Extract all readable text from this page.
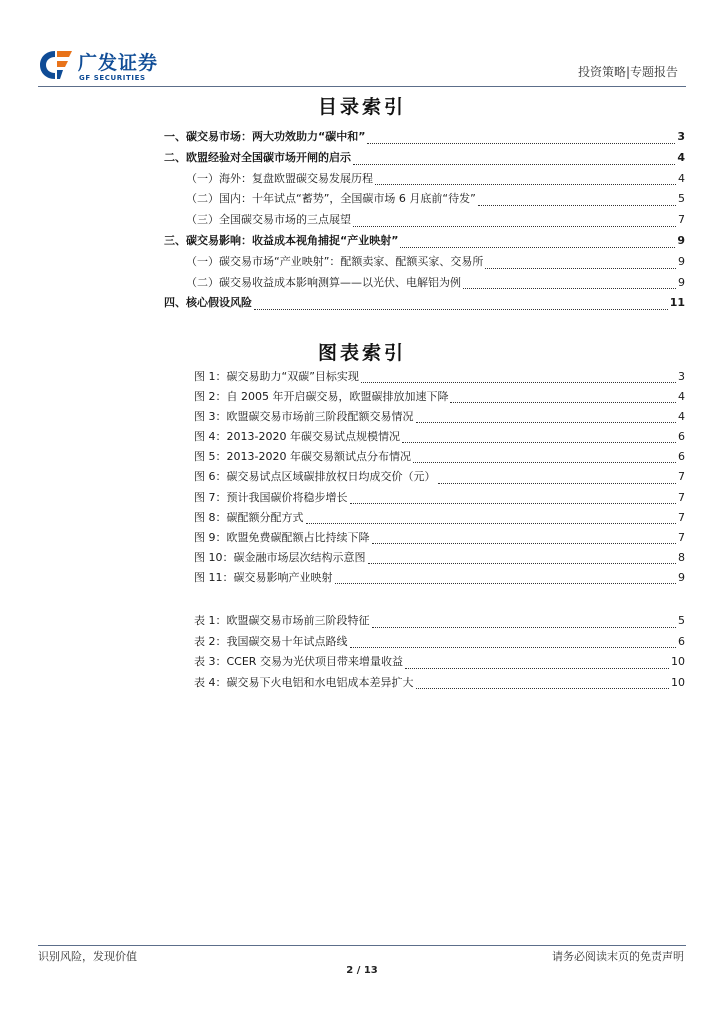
广发证券
GF SECURITIES	投资策略|专题报告
目录索引
一、碳交易市场：两大功效助力“碳中和”	3
二、欧盟经验对全国碳市场开闸的启示	4
（一）海外：复盘欧盟碳交易发展历程	4
（二）国内：十年试点“蓄势”，全国碳市场 6 月底前“待发”	5
（三）全国碳交易市场的三点展望	7
三、碳交易影响：收益成本视角捕捉“产业映射”	9
（一）碳交易市场“产业映射”：配额卖家、配额买家、交易所	9
（二）碳交易收益成本影响测算——以光伏、电解铝为例	9
四、核心假设风险	11
图表索引
图 1：碳交易助力“双碳”目标实现	3
图 2：自 2005 年开启碳交易，欧盟碳排放加速下降	4
图 3：欧盟碳交易市场前三阶段配额交易情况	4
图 4：2013-2020 年碳交易试点规模情况	6
图 5：2013-2020 年碳交易额试点分布情况	6
图 6：碳交易试点区域碳排放权日均成交价（元）	7
图 7：预计我国碳价将稳步增长	7
图 8：碳配额分配方式	7
图 9：欧盟免费碳配额占比持续下降	7
图 10：碳金融市场层次结构示意图	8
图 11：碳交易影响产业映射	9
表 1：欧盟碳交易市场前三阶段特征	5
表 2：我国碳交易十年试点路线	6
表 3：CCER 交易为光伏项目带来增量收益	10
表 4：碳交易下火电铝和水电铝成本差异扩大	10
识别风险，发现价值	请务必阅读末页的免责声明
2 / 13
